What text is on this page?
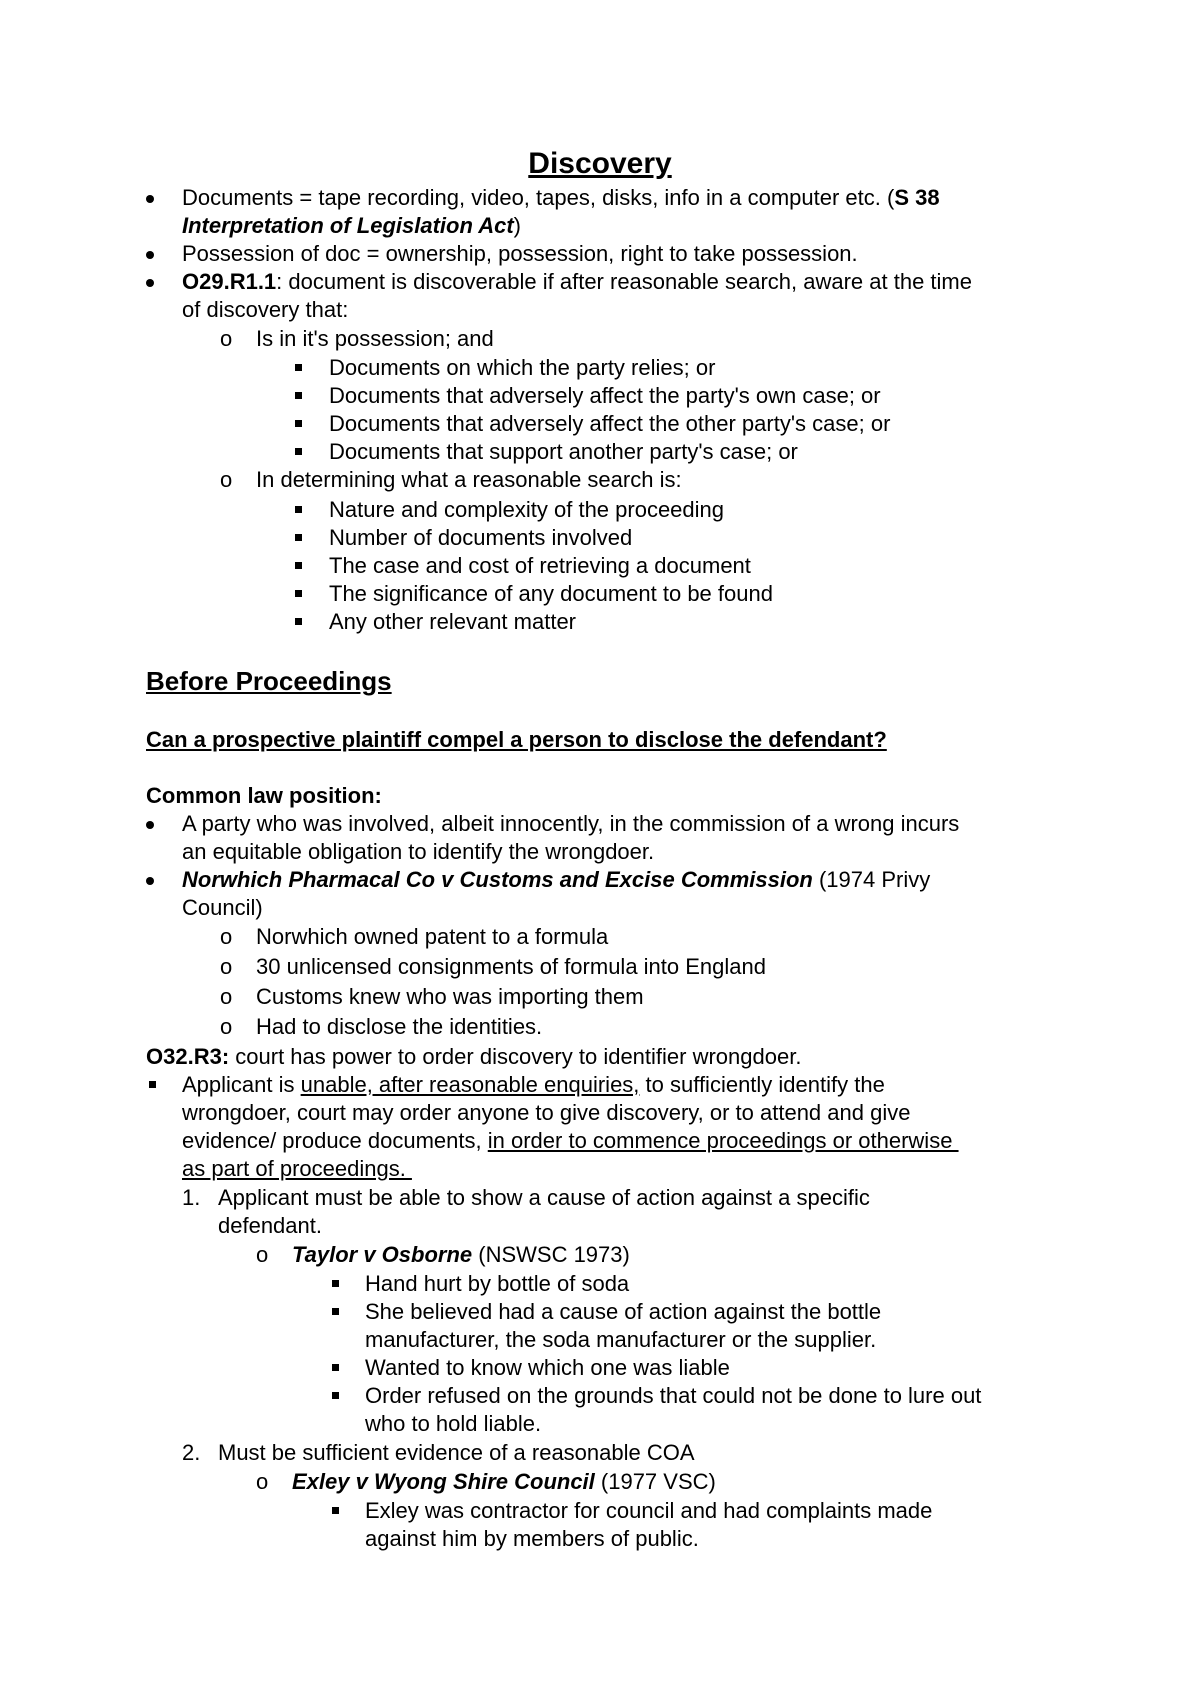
Discovery
Documents = tape recording, video, tapes, disks, info in a computer etc. (S 38
Interpretation of Legislation Act)
Possession of doc = ownership, possession, right to take possession.
O29.R1.1: document is discoverable if after reasonable search, aware at the time
of discovery that:
o Is in it's possession; and
Documents on which the party relies; or
Documents that adversely affect the party's own case; or
Documents that adversely affect the other party's case; or
Documents that support another party's case; or
o In determining what a reasonable search is:
Nature and complexity of the proceeding
Number of documents involved
The case and cost of retrieving a document
The significance of any document to be found
Any other relevant matter
Before Proceedings
Can a prospective plaintiff compel a person to disclose the defendant?
Common law position:
A party who was involved, albeit innocently, in the commission of a wrong incurs
an equitable obligation to identify the wrongdoer.
Norwhich Pharmacal Co v Customs and Excise Commission (1974 Privy
Council)
o Norwhich owned patent to a formula
o 30 unlicensed consignments of formula into England
o Customs knew who was importing them
o Had to disclose the identities.
O32.R3: court has power to order discovery to identifier wrongdoer.
Applicant is unable, after reasonable enquiries, to sufficiently identify the
wrongdoer, court may order anyone to give discovery, or to attend and give
evidence/ produce documents, in order to commence proceedings or otherwise
as part of proceedings.
1. Applicant must be able to show a cause of action against a specific
defendant.
o Taylor v Osborne (NSWSC 1973)
Hand hurt by bottle of soda
She believed had a cause of action against the bottle
manufacturer, the soda manufacturer or the supplier.
Wanted to know which one was liable
Order refused on the grounds that could not be done to lure out
who to hold liable.
2. Must be sufficient evidence of a reasonable COA
o Exley v Wyong Shire Council (1977 VSC)
Exley was contractor for council and had complaints made
against him by members of public.
